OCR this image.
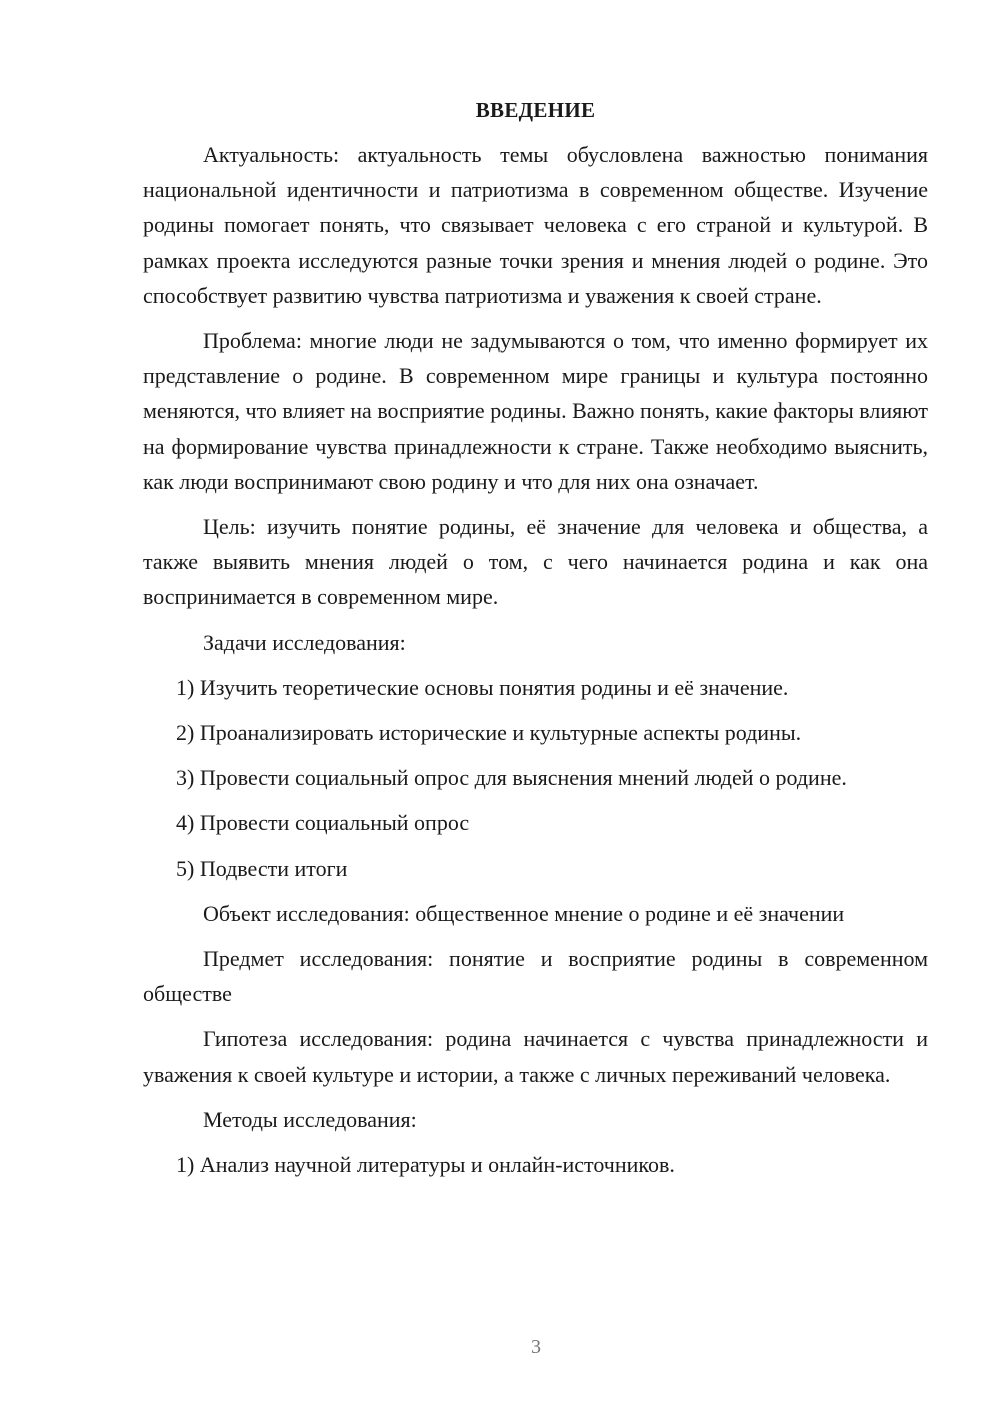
ВВЕДЕНИЕ

Актуальность: актуальность темы обусловлена важностью понимания национальной идентичности и патриотизма в современном обществе. Изучение родины помогает понять, что связывает человека с его страной и культурой. В рамках проекта исследуются разные точки зрения и мнения людей о родине. Это способствует развитию чувства патриотизма и уважения к своей стране.

Проблема: многие люди не задумываются о том, что именно формирует их представление о родине. В современном мире границы и культура постоянно меняются, что влияет на восприятие родины. Важно понять, какие факторы влияют на формирование чувства принадлежности к стране. Также необходимо выяснить, как люди воспринимают свою родину и что для них она означает.

Цель: изучить понятие родины, её значение для человека и общества, а также выявить мнения людей о том, с чего начинается родина и как она воспринимается в современном мире.

Задачи исследования:

1) Изучить теоретические основы понятия родины и её значение.

2) Проанализировать исторические и культурные аспекты родины.

3) Провести социальный опрос для выяснения мнений людей о родине.

4) Провести социальный опрос

5) Подвести итоги

Объект исследования: общественное мнение о родине и её значении

Предмет исследования: понятие и восприятие родины в современном обществе

Гипотеза исследования: родина начинается с чувства принадлежности и уважения к своей культуре и истории, а также с личных переживаний человека.

Методы исследования:

1) Анализ научной литературы и онлайн-источников.

3
